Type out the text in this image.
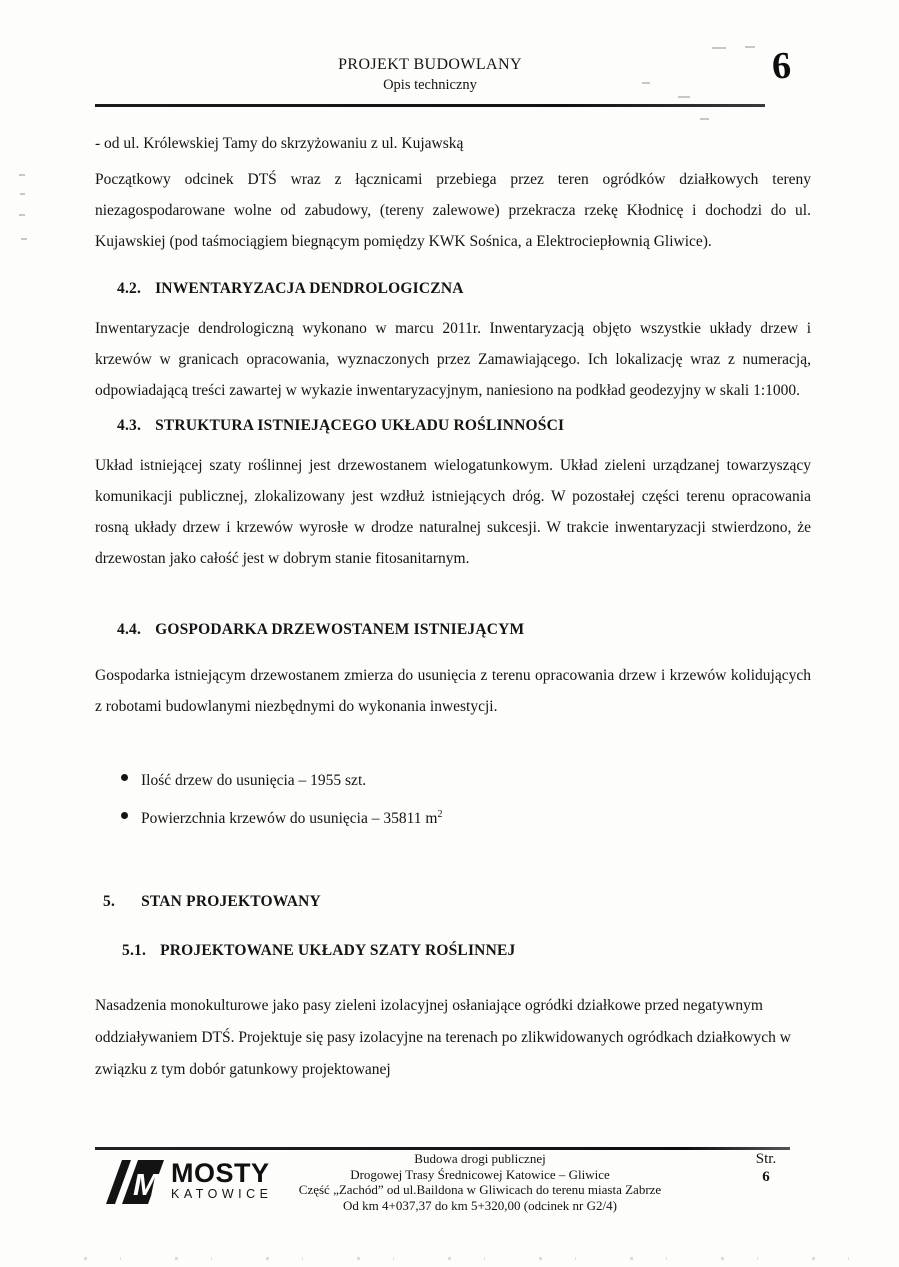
PROJEKT BUDOWLANY
Opis techniczny	6
- od ul. Królewskiej Tamy do skrzyżowaniu z ul. Kujawską

Początkowy odcinek DTŚ wraz z łącznicami przebiega przez teren ogródków działkowych tereny niezagospodarowane wolne od zabudowy, (tereny zalewowe) przekracza rzekę Kłodnicę i dochodzi do ul. Kujawskiej (pod taśmociągiem biegnącym pomiędzy KWK Sośnica, a Elektrociepłownią Gliwice).

4.2. INWENTARYZACJA DENDROLOGICZNA

Inwentaryzacje dendrologiczną wykonano w marcu 2011r. Inwentaryzacją objęto wszystkie układy drzew i krzewów w granicach opracowania, wyznaczonych przez Zamawiającego. Ich lokalizację wraz z numeracją, odpowiadającą treści zawartej w wykazie inwentaryzacyjnym, naniesiono na podkład geodezyjny w skali 1:1000.

4.3. STRUKTURA ISTNIEJĄCEGO UKŁADU ROŚLINNOŚCI

Układ istniejącej szaty roślinnej jest drzewostanem wielogatunkowym. Układ zieleni urządzanej towarzyszący komunikacji publicznej, zlokalizowany jest wzdłuż istniejących dróg. W pozostałej części terenu opracowania rosną układy drzew i krzewów wyrosłe w drodze naturalnej sukcesji. W trakcie inwentaryzacji stwierdzono, że drzewostan jako całość jest w dobrym stanie fitosanitarnym.

4.4. GOSPODARKA DRZEWOSTANEM ISTNIEJĄCYM

Gospodarka istniejącym drzewostanem zmierza do usunięcia z terenu opracowania drzew i krzewów kolidujących z robotami budowlanymi niezbędnymi do wykonania inwestycji.

Ilość drzew do usunięcia – 1955 szt.
Powierzchnia krzewów do usunięcia – 35811 $m^2$
5. STAN PROJEKTOWANY
5.1. PROJEKTOWANE UKŁADY SZATY ROŚLINNEJ

Nasadzenia monokulturowe jako pasy zieleni izolacyjnej osłaniające ogródki działkowe przed negatywnym oddziaływaniem DTŚ. Projektuje się pasy izolacyjne na terenach po zlikwidowanych ogródkach działkowych w związku z tym dobór gatunkowy projektowanej

M MOSTY
KATOWICE
Budowa drogi publicznej
Drogowej Trasy Średnicowej Katowice – Gliwice
Część „Zachód” od ul.Baildona w Gliwicach do terenu miasta Zabrze
Od km 4+037,37 do km 5+320,00 (odcinek nr G2/4)
Str.
6
